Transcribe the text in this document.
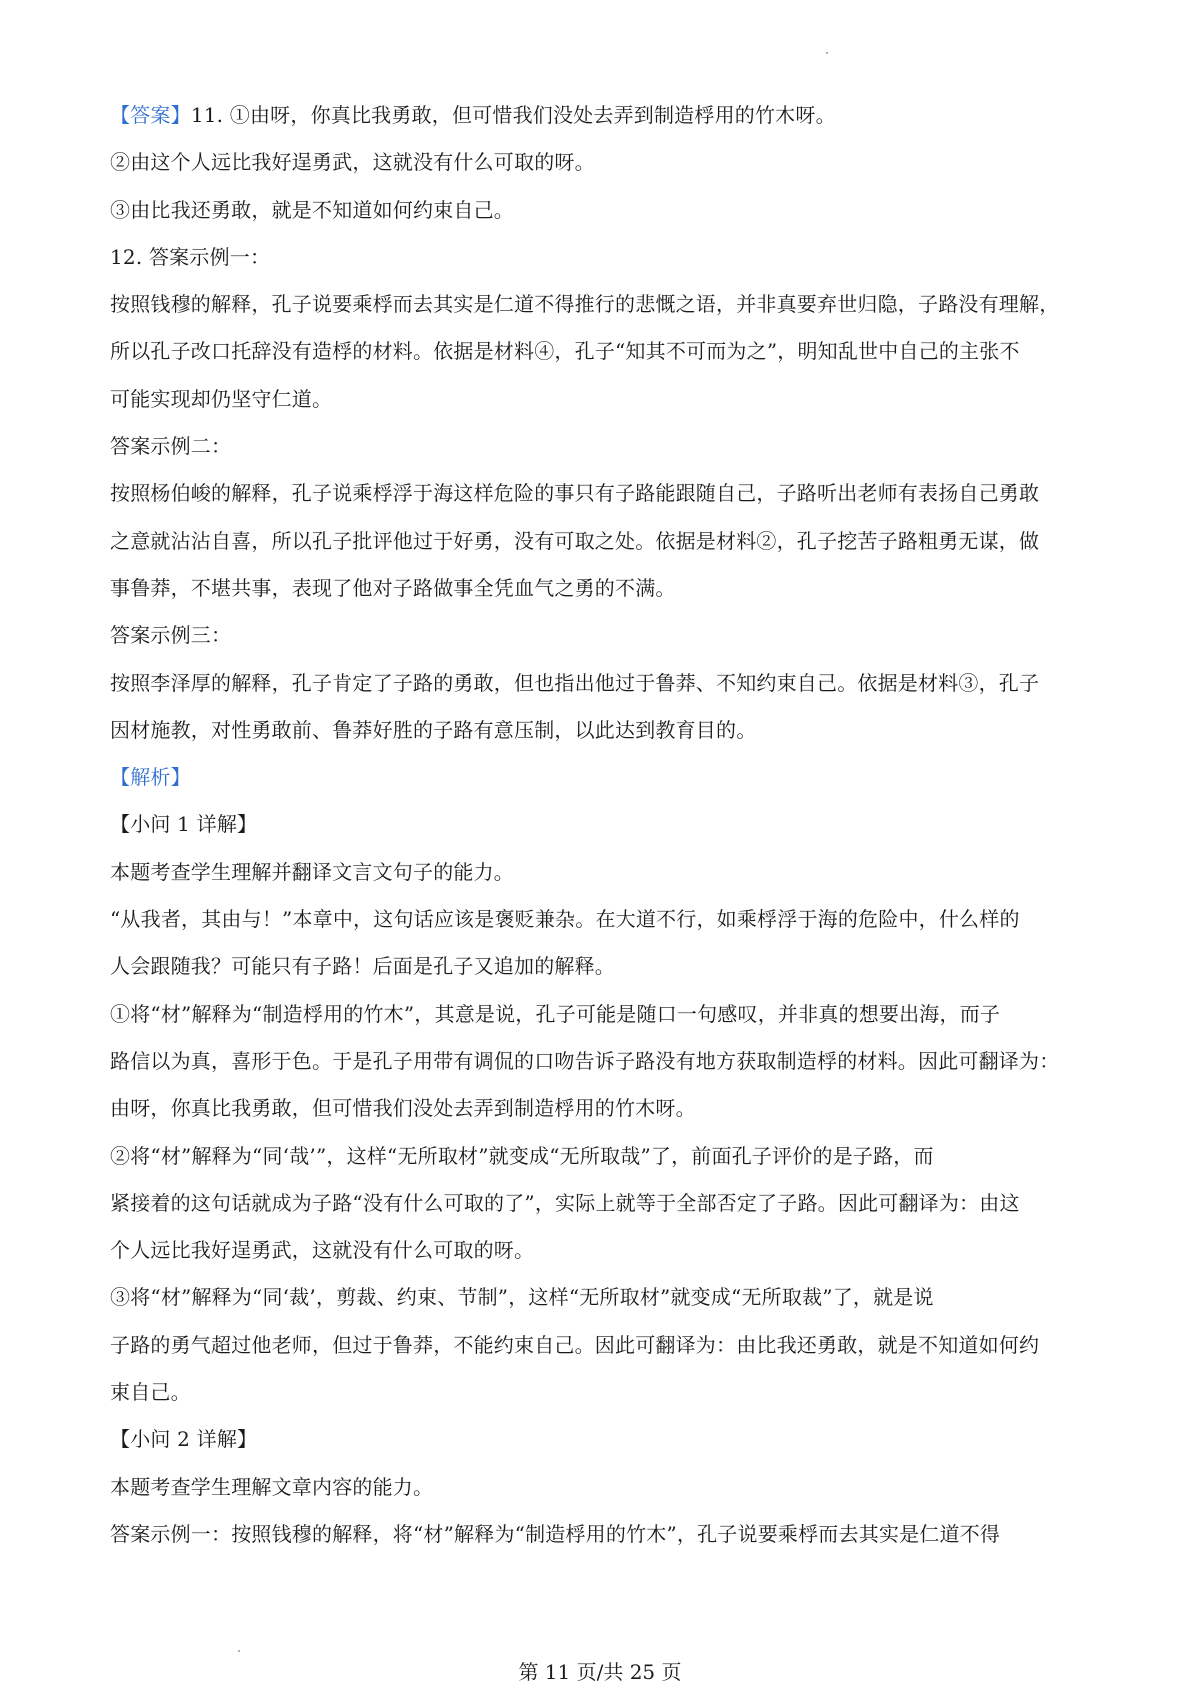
【答案】11. ①由呀，你真比我勇敢，但可惜我们没处去弄到制造桴用的竹木呀。
②由这个人远比我好逞勇武，这就没有什么可取的呀。
③由比我还勇敢，就是不知道如何约束自己。
12. 答案示例一：
按照钱穆的解释，孔子说要乘桴而去其实是仁道不得推行的悲慨之语，并非真要弃世归隐，子路没有理解，
所以孔子改口托辞没有造桴的材料。依据是材料④，孔子“知其不可而为之”，明知乱世中自己的主张不
可能实现却仍坚守仁道。
答案示例二：
按照杨伯峻的解释，孔子说乘桴浮于海这样危险的事只有子路能跟随自己，子路听出老师有表扬自己勇敢
之意就沾沾自喜，所以孔子批评他过于好勇，没有可取之处。依据是材料②，孔子挖苦子路粗勇无谋，做
事鲁莽，不堪共事，表现了他对子路做事全凭血气之勇的不满。
答案示例三：
按照李泽厚的解释，孔子肯定了子路的勇敢，但也指出他过于鲁莽、不知约束自己。依据是材料③，孔子
因材施教，对性勇敢前、鲁莽好胜的子路有意压制，以此达到教育目的。
【解析】
【小问 1 详解】
本题考查学生理解并翻译文言文句子的能力。
“从我者，其由与！”本章中，这句话应该是褒贬兼杂。在大道不行，如乘桴浮于海的危险中，什么样的
人会跟随我？可能只有子路！后面是孔子又追加的解释。
①将“材”解释为“制造桴用的竹木”，其意是说，孔子可能是随口一句感叹，并非真的想要出海，而子
路信以为真，喜形于色。于是孔子用带有调侃的口吻告诉子路没有地方获取制造桴的材料。因此可翻译为：
由呀，你真比我勇敢，但可惜我们没处去弄到制造桴用的竹木呀。
②将“材”解释为“同‘哉’”，这样“无所取材”就变成“无所取哉”了，前面孔子评价的是子路，而
紧接着的这句话就成为子路“没有什么可取的了”，实际上就等于全部否定了子路。因此可翻译为：由这
个人远比我好逞勇武，这就没有什么可取的呀。
③将“材”解释为“同‘裁’，剪裁、约束、节制”，这样“无所取材”就变成“无所取裁”了，就是说
子路的勇气超过他老师，但过于鲁莽，不能约束自己。因此可翻译为：由比我还勇敢，就是不知道如何约
束自己。
【小问 2 详解】
本题考查学生理解文章内容的能力。
答案示例一：按照钱穆的解释，将“材”解释为“制造桴用的竹木”，孔子说要乘桴而去其实是仁道不得
第 11 页/共 25 页
